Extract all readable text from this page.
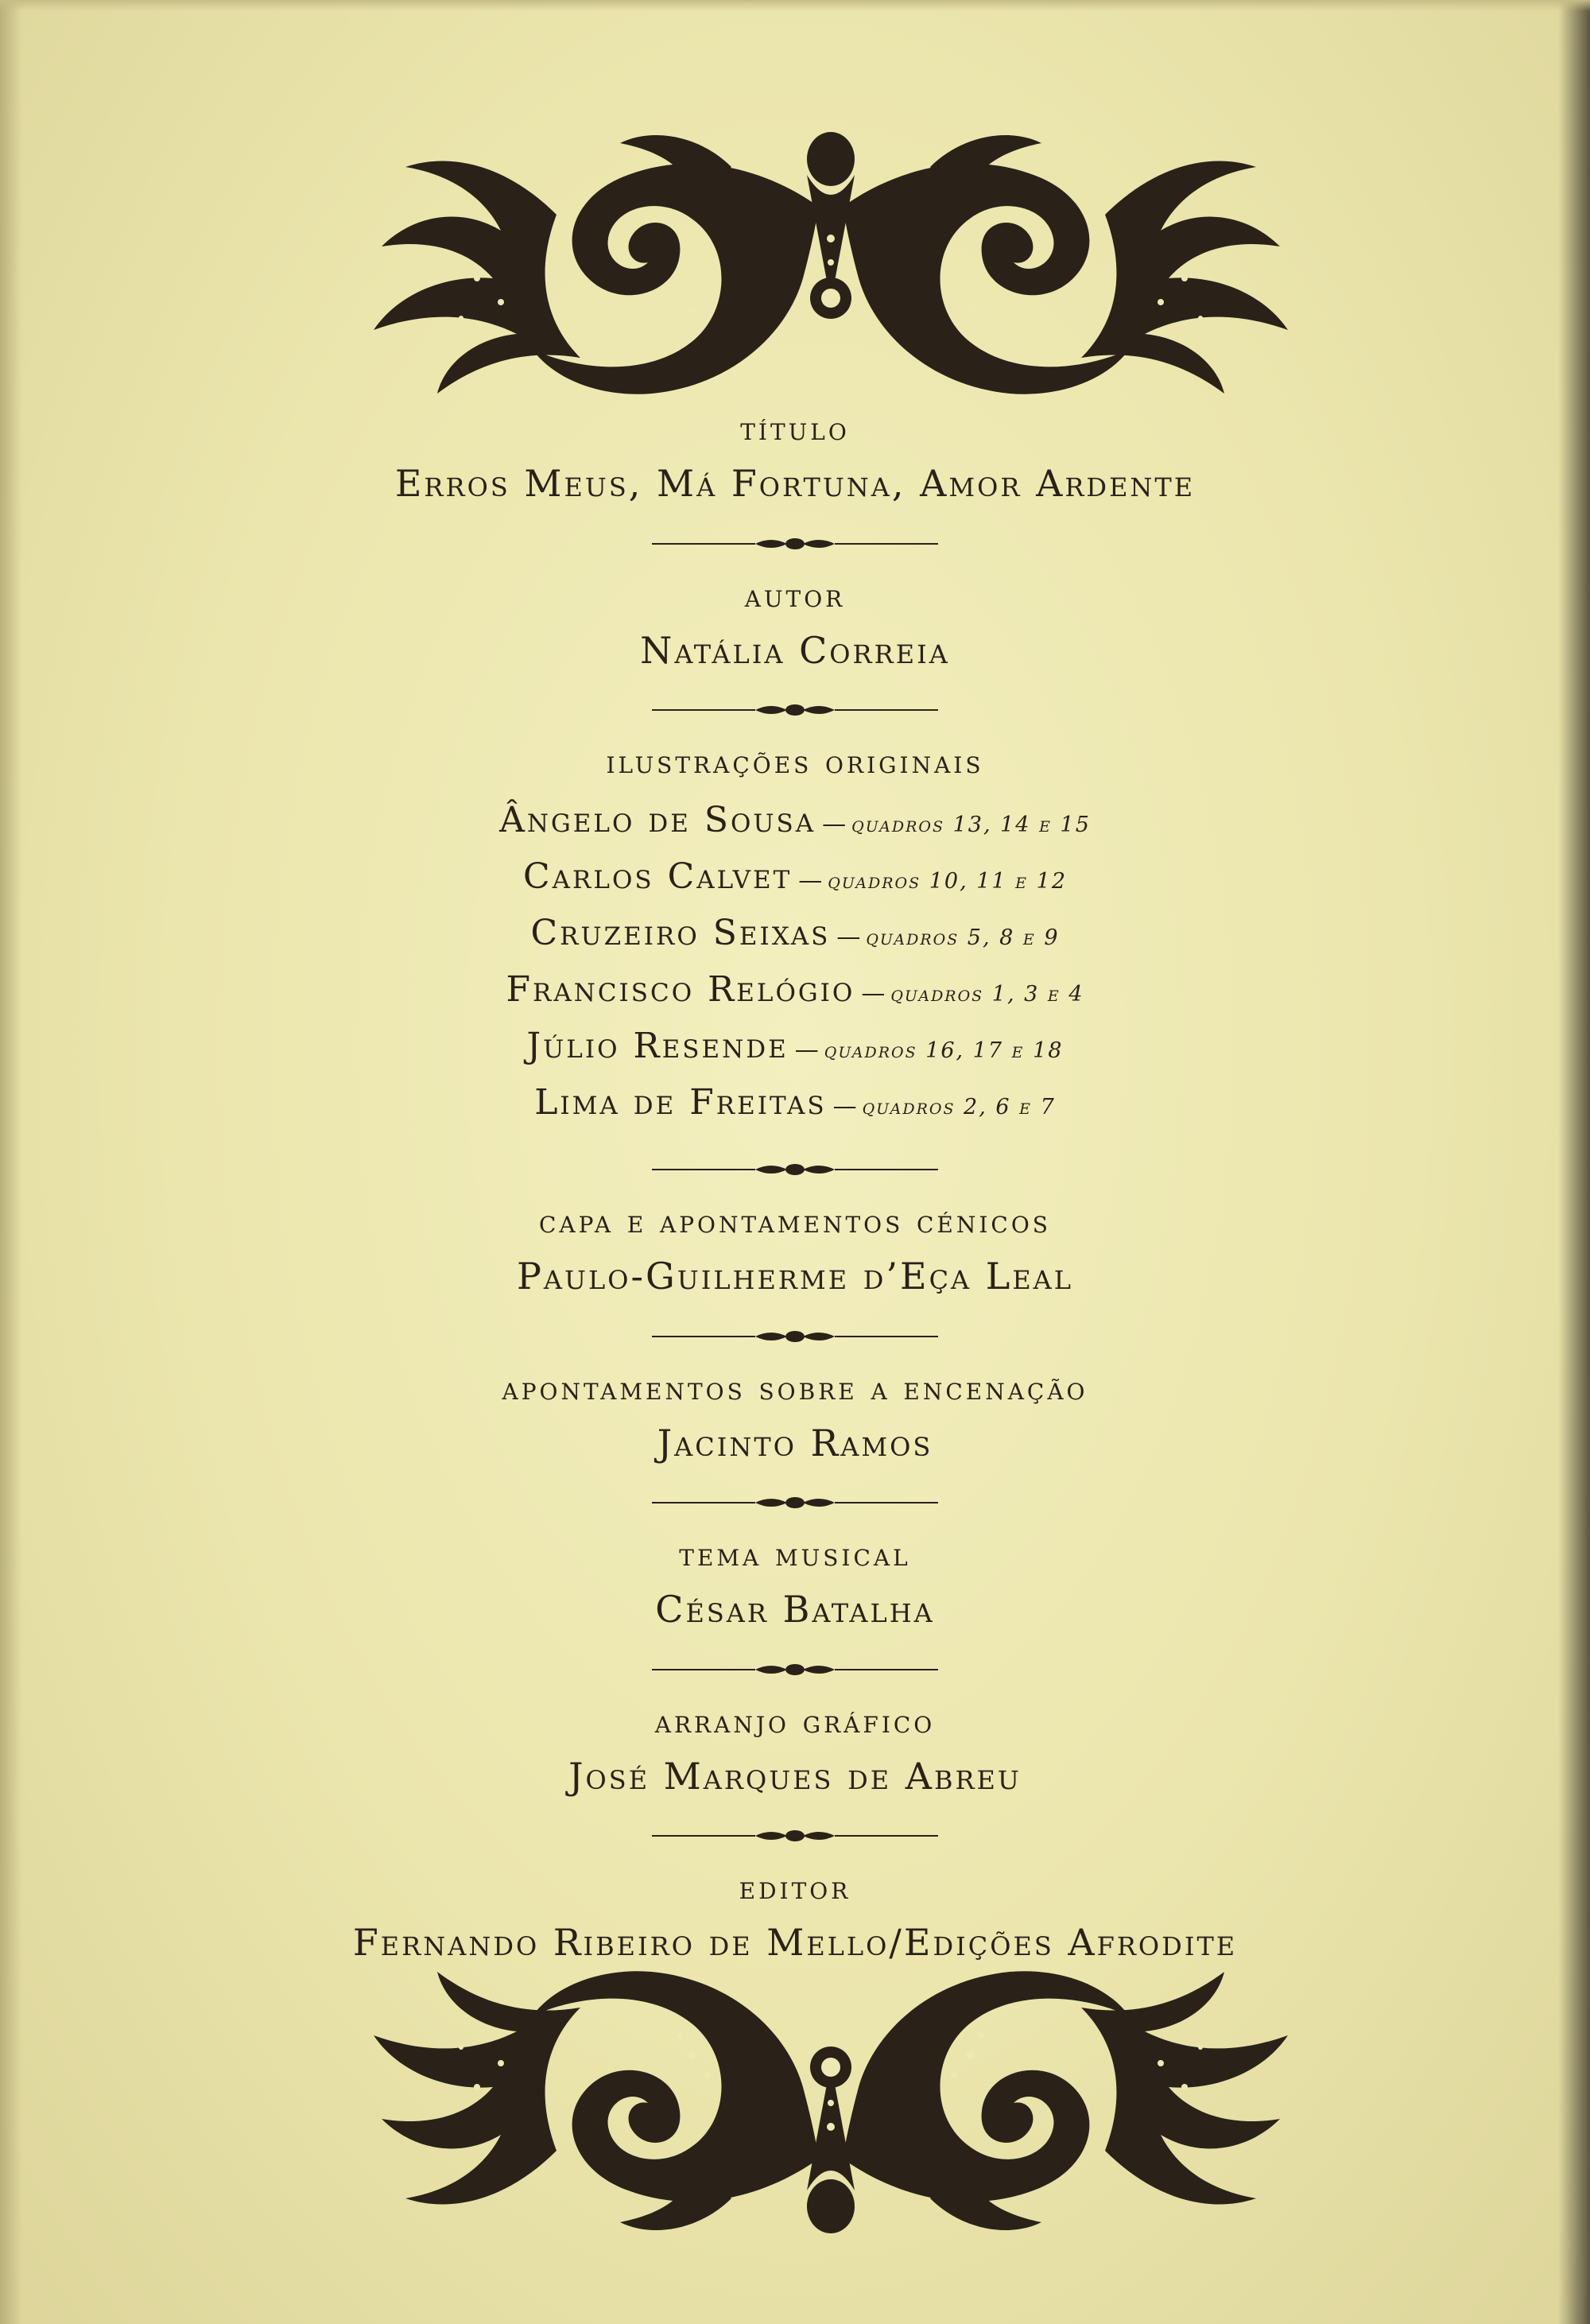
título
Erros Meus, Má Fortuna, Amor Ardente
autor
Natália Correia
ilustrações originais
Ângelo de Sousa — quadros 13, 14 e 15
Carlos Calvet — quadros 10, 11 e 12
Cruzeiro Seixas — quadros 5, 8 e 9
Francisco Relógio — quadros 1, 3 e 4
Júlio Resende — quadros 16, 17 e 18
Lima de Freitas — quadros 2, 6 e 7
capa e apontamentos cénicos
Paulo-Guilherme d’Eça Leal
apontamentos sobre a encenação
Jacinto Ramos
tema musical
César Batalha
arranjo gráfico
José Marques de Abreu
editor
Fernando Ribeiro de Mello/Edições Afrodite
